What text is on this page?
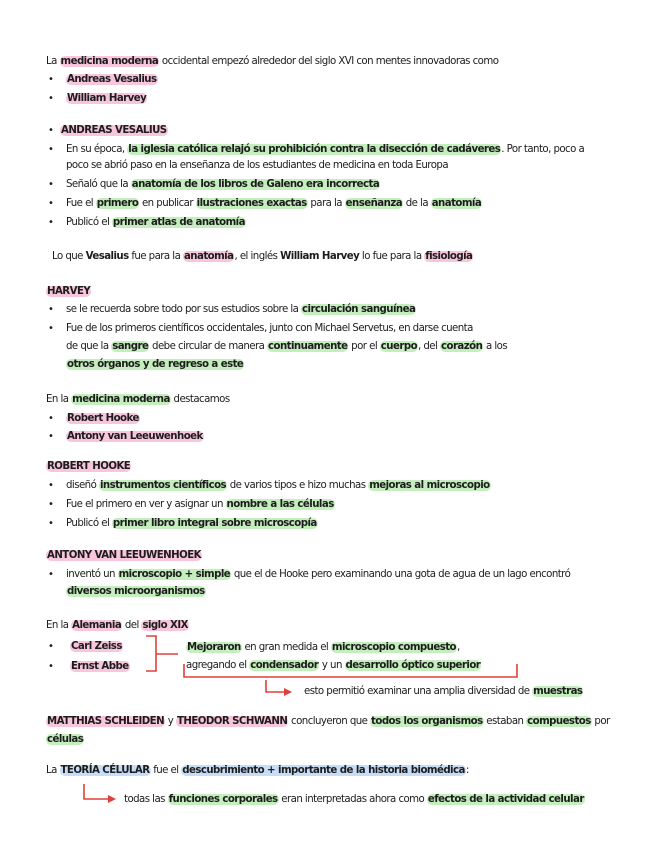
La medicina moderna occidental empezó alrededor del siglo XVI con mentes innovadoras como
• Andreas Vesalius
• William Harvey
• ANDREAS VESALIUS
• En su época, la iglesia católica relajó su prohibición contra la disección de cadáveres. Por tanto, poco a
poco se abrió paso en la enseñanza de los estudiantes de medicina en toda Europa
• Señaló que la anatomía de los libros de Galeno era incorrecta
• Fue el primero en publicar ilustraciones exactas para la enseñanza de la anatomía
• Publicó el primer atlas de anatomía
Lo que Vesalius fue para la anatomía, el inglés William Harvey lo fue para la fisiología
HARVEY
• se le recuerda sobre todo por sus estudios sobre la circulación sanguínea
• Fue de los primeros científicos occidentales, junto con Michael Servetus, en darse cuenta
de que la sangre debe circular de manera continuamente por el cuerpo, del corazón a los
otros órganos y de regreso a este
En la medicina moderna destacamos
• Robert Hooke
• Antony van Leeuwenhoek
ROBERT HOOKE
• diseñó instrumentos científicos de varios tipos e hizo muchas mejoras al microscopio
• Fue el primero en ver y asignar un nombre a las células
• Publicó el primer libro integral sobre microscopía
ANTONY VAN LEEUWENHOEK
• inventó un microscopio + simple que el de Hooke pero examinando una gota de agua de un lago encontró
diversos microorganismos
En la Alemania del siglo XIX
• Carl Zeiss
• Ernst Abbe
Mejoraron en gran medida el microscopio compuesto,
agregando el condensador y un desarrollo óptico superior
esto permitió examinar una amplia diversidad de muestras
MATTHIAS SCHLEIDEN y THEODOR SCHWANN concluyeron que todos los organismos estaban compuestos por
células
La TEORÍA CÉLULAR fue el descubrimiento + importante de la historia biomédica:
todas las funciones corporales eran interpretadas ahora como efectos de la actividad celular
